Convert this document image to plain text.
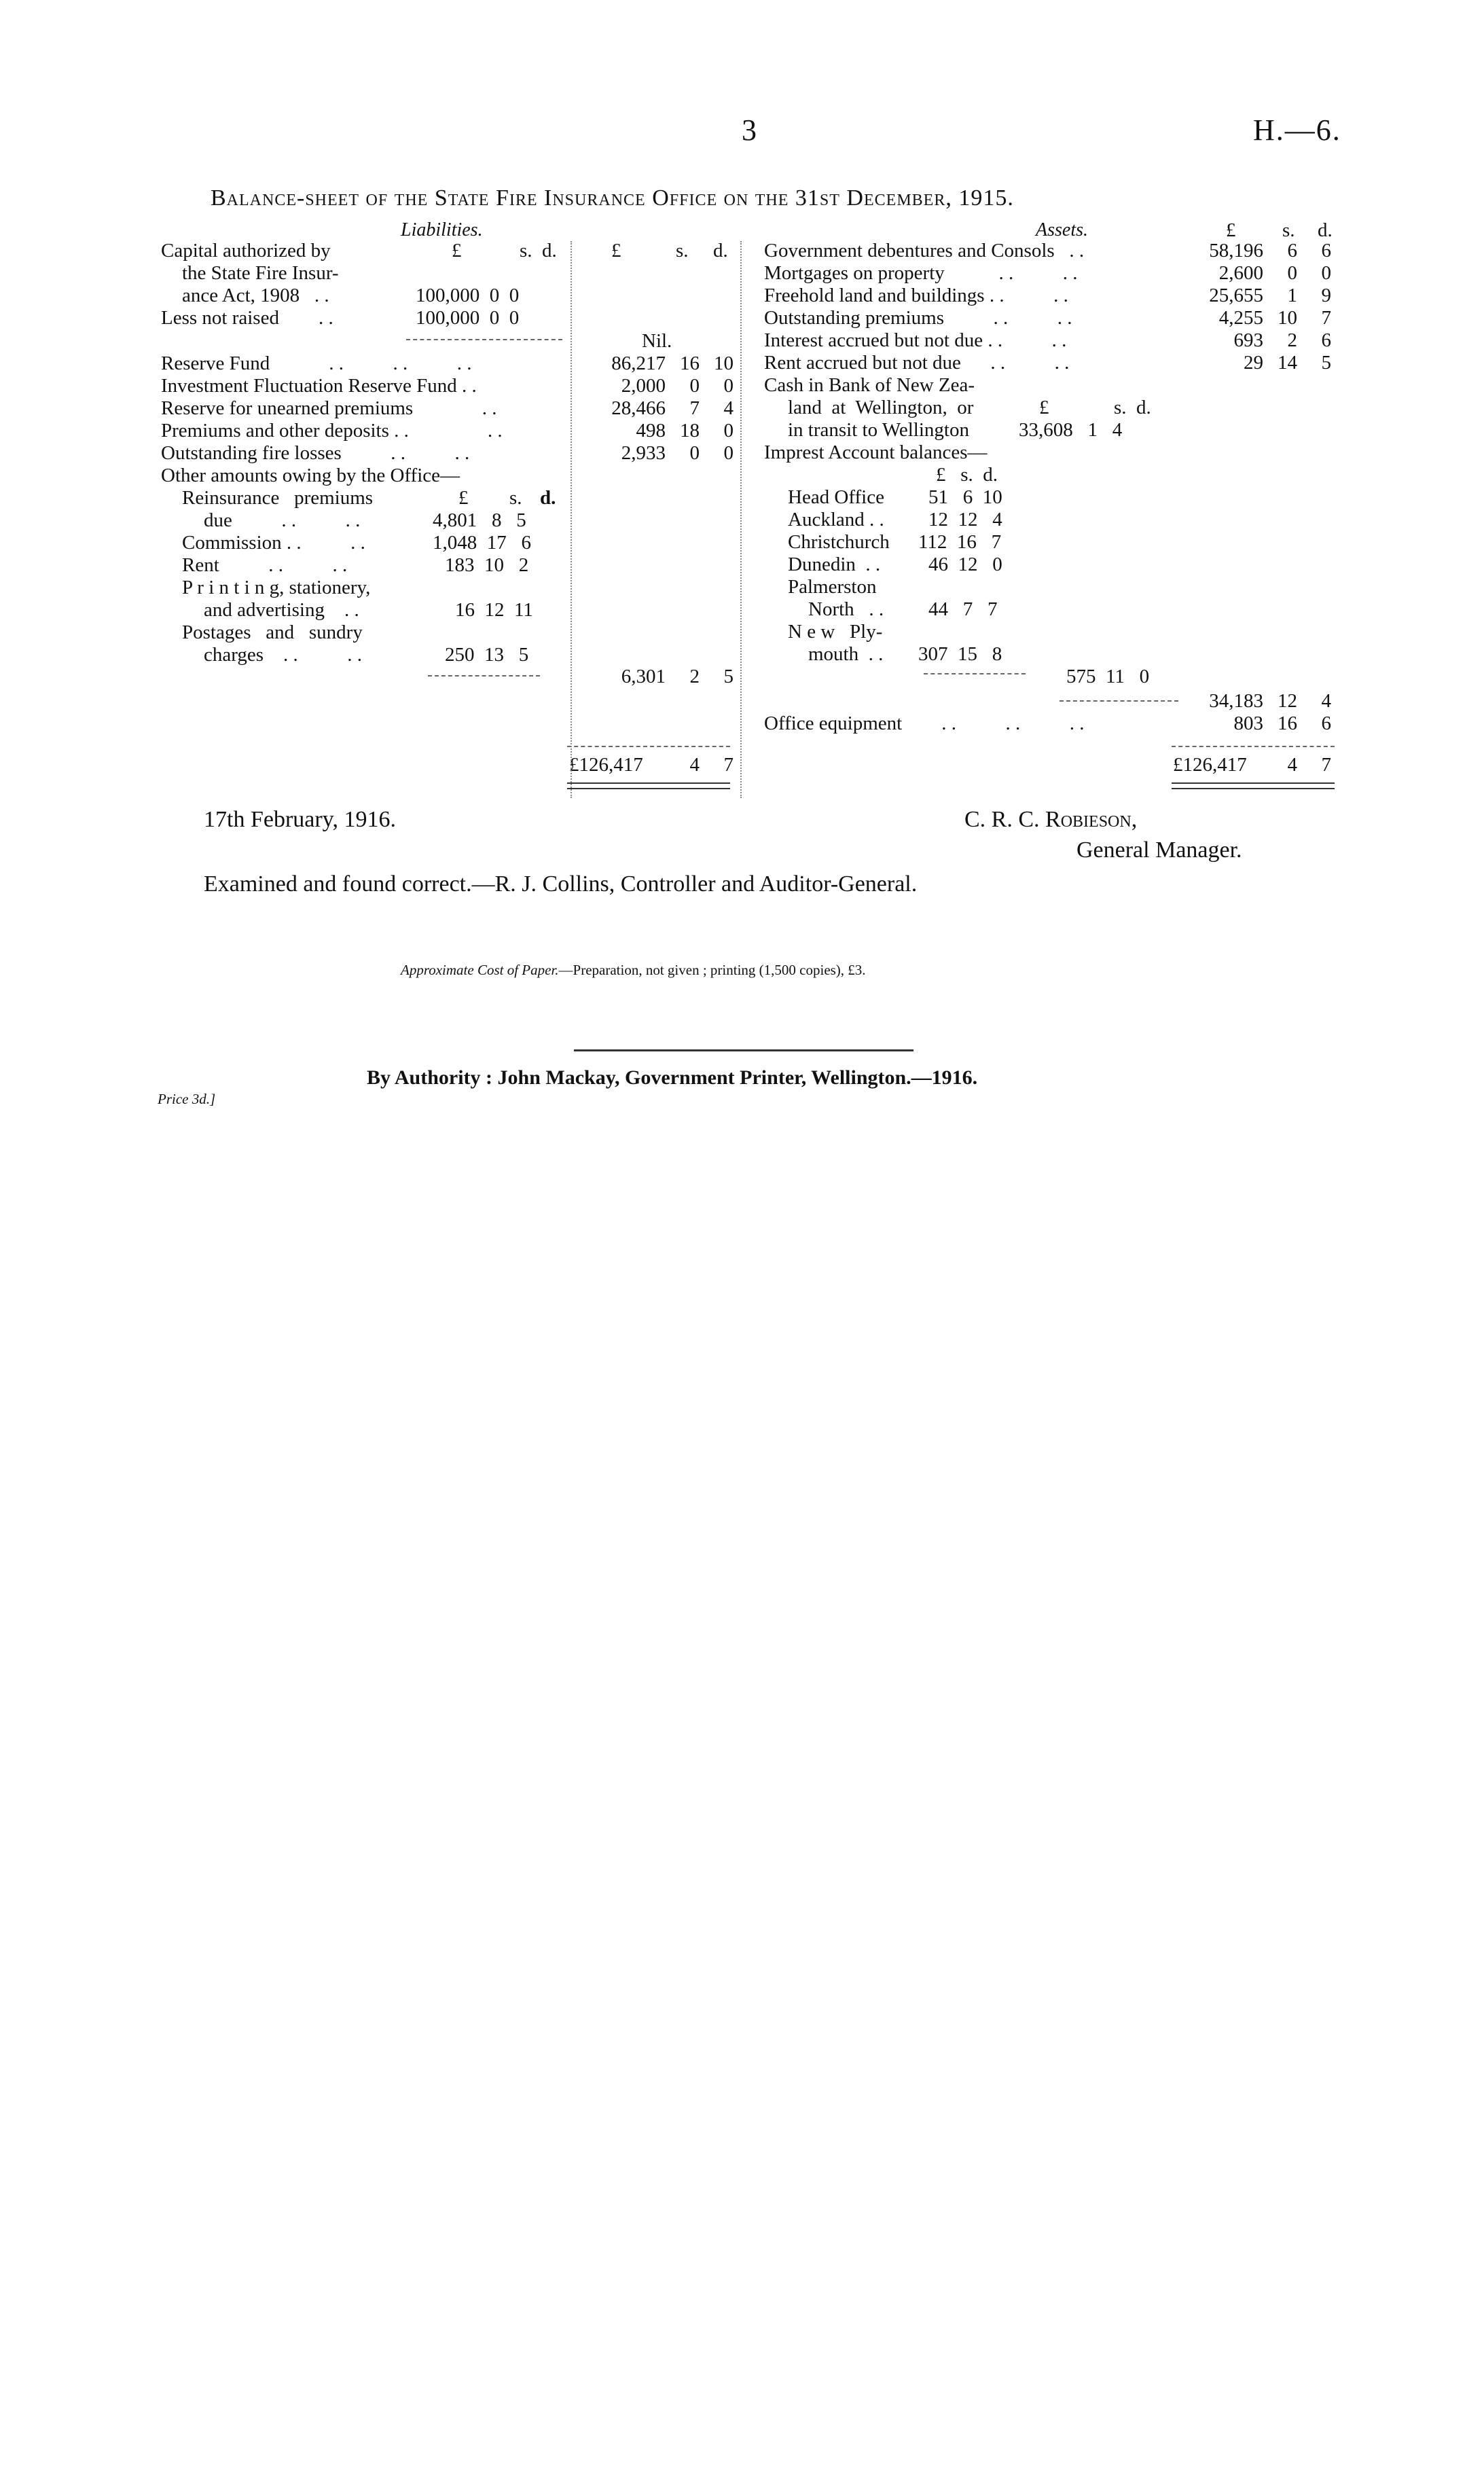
3	H.—6.
Balance-sheet of the State Fire Insurance Office on the 31st December, 1915.
Liabilities.
£	s.  d.	£	s. d.
Capital authorized by
the State Fire Insur-
ance Act, 1908   . .	100,000  0  0
Less not raised        . .	100,000  0  0
Nil.
Reserve Fund            . .          . .          . .	86,217 16 10
Investment Fluctuation Reserve Fund . .	2,000	0	0
Reserve for unearned premiums              . .	28,466	7	4
Premiums and other deposits . .                . .	498 18	0
Outstanding fire losses          . .          . .	2,933	0	0
Other amounts owing by the Office—
£ s. d.
Reinsurance   premiums
due          . .          . .	4,801   8   5
Commission . .          . .	1,048  17   6
Rent          . .          . .	183  10   2
P r i n t i n g, stationery,
and advertising    . .	16  12  11
Postages   and   sundry
charges    . .          . .	250  13   5
6,301	2	5
£126,417	4	7
Assets.	£ s. d.
Government debentures and Consols   . .	58,196	6	6
Mortgages on property           . .          . .	2,600	0	0
Freehold land and buildings . .          . .	25,655	1	9
Outstanding premiums          . .          . .	4,255 10	7
Interest accrued but not due . .          . .	693	2	6
Rent accrued but not due      . .          . .	29 14	5
Cash in Bank of New Zea-
land  at  Wellington,  or	£	s.  d.
in transit to Wellington	33,608   1   4
Imprest Account balances—
£   s.  d.
Head Office 51   6  10
Auckland . . 12  12   4
Christchurch 112  16   7
Dunedin  . . 46  12   0
Palmerston
North   . . 44   7   7
N e w   Ply-
mouth  . . 307  15   8
575  11   0
34,183 12	4
Office equipment        . .          . .          . .	803 16	6
£126,417	4	7
17th February, 1916.	C. R. C. Robieson,
General Manager.
Examined and found correct.—R. J. Collins, Controller and Auditor-General.
Approximate Cost of Paper.—Preparation, not given ; printing (1,500 copies), £3.
By Authority : John Mackay, Government Printer, Wellington.—1916.
Price 3d.]
